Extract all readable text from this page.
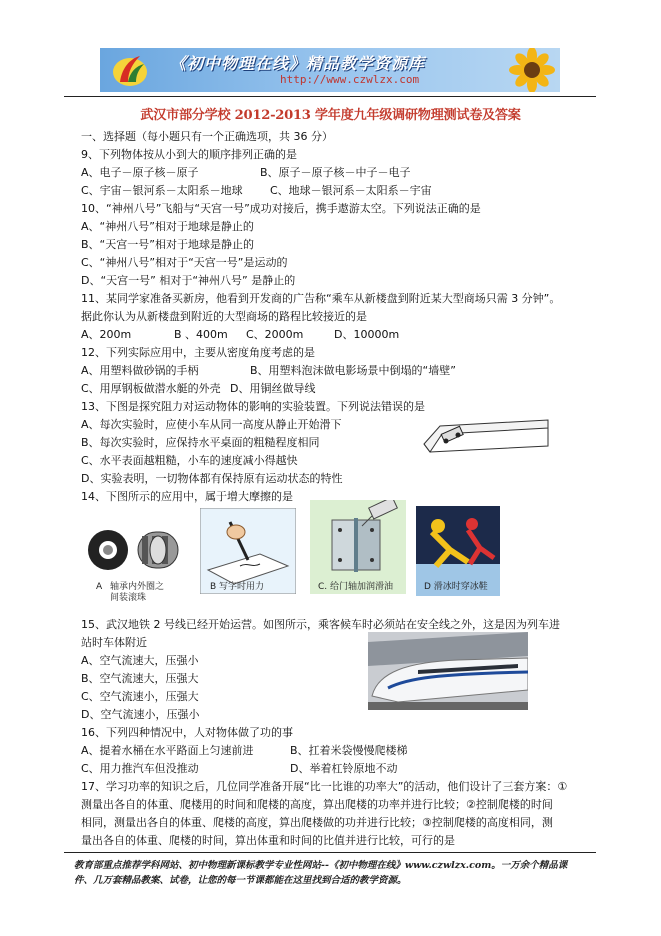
《初中物理在线》精品教学资源库
http://www.czwlzx.com
武汉市部分学校 2012-2013 学年度九年级调研物理测试卷及答案
一、选择题（每小题只有一个正确选项，共 36 分）
9、下列物体按从小到大的顺序排列正确的是
A、电子－原子核－原子	B、原子－原子核－中子－电子
C、宇宙－银河系－太阳系－地球 C、地球－银河系－太阳系－宇宙
10、“神州八号”飞船与“天宫一号”成功对接后，携手遨游太空。下列说法正确的是
A、“神州八号”相对于地球是静止的
B、“天宫一号”相对于地球是静止的
C、“神州八号”相对于“天宫一号”是运动的
D、“天宫一号” 相对于“神州八号” 是静止的
11、某同学家准备买新房，他看到开发商的广告称“乘车从新楼盘到附近某大型商场只需 3 分钟”。
据此你认为从新楼盘到附近的大型商场的路程比较接近的是
A、200m	B 、400m C、2000m	D、10000m
12、下列实际应用中，主要从密度角度考虑的是
A、用塑料做砂锅的手柄	B、用塑料泡沫做电影场景中倒塌的“墙壁”
C、用厚钢板做潜水艇的外壳 D、用铜丝做导线
13、下图是探究阻力对运动物体的影响的实验装置。下列说法错误的是
A、每次实验时，应使小车从同一高度从静止开始滑下
B、每次实验时，应保持水平桌面的粗糙程度相同
C、水平表面越粗糙，小车的速度减小得越快
D、实验表明，一切物体都有保持原有运动状态的特性
14、下图所示的应用中，属于增大摩擦的是
A 轴承内外圈之
间装滚珠
B 写字时用力	C. 给门轴加润滑油	D 滑冰时穿冰鞋
15、武汉地铁 2 号线已经开始运营。如图所示，乘客候车时必须站在安全线之外，这是因为列车进
站时车体附近
A、空气流速大，压强小
B、空气流速大，压强大
C、空气流速小，压强大
D、空气流速小，压强小
16、下列四种情况中，人对物体做了功的事
A、提着水桶在水平路面上匀速前进	B、扛着米袋慢慢爬楼梯
C、用力推汽车但没推动	D、举着杠铃原地不动
17、学习功率的知识之后，几位同学准备开展“比一比谁的功率大”的活动，他们设计了三套方案：①
测量出各自的体重、爬楼用的时间和爬楼的高度，算出爬楼的功率并进行比较；②控制爬楼的时间
相同，测量出各自的体重、爬楼的高度，算出爬楼做的功并进行比较；③控制爬楼的高度相同，测
量出各自的体重、爬楼的时间，算出体重和时间的比值并进行比较，可行的是
教育部重点推荐学科网站、初中物理新课标教学专业性网站--《初中物理在线》www.czwlzx.com。一万余个精品课
件、几万套精品教案、试卷，让您的每一节课都能在这里找到合适的教学资源。
